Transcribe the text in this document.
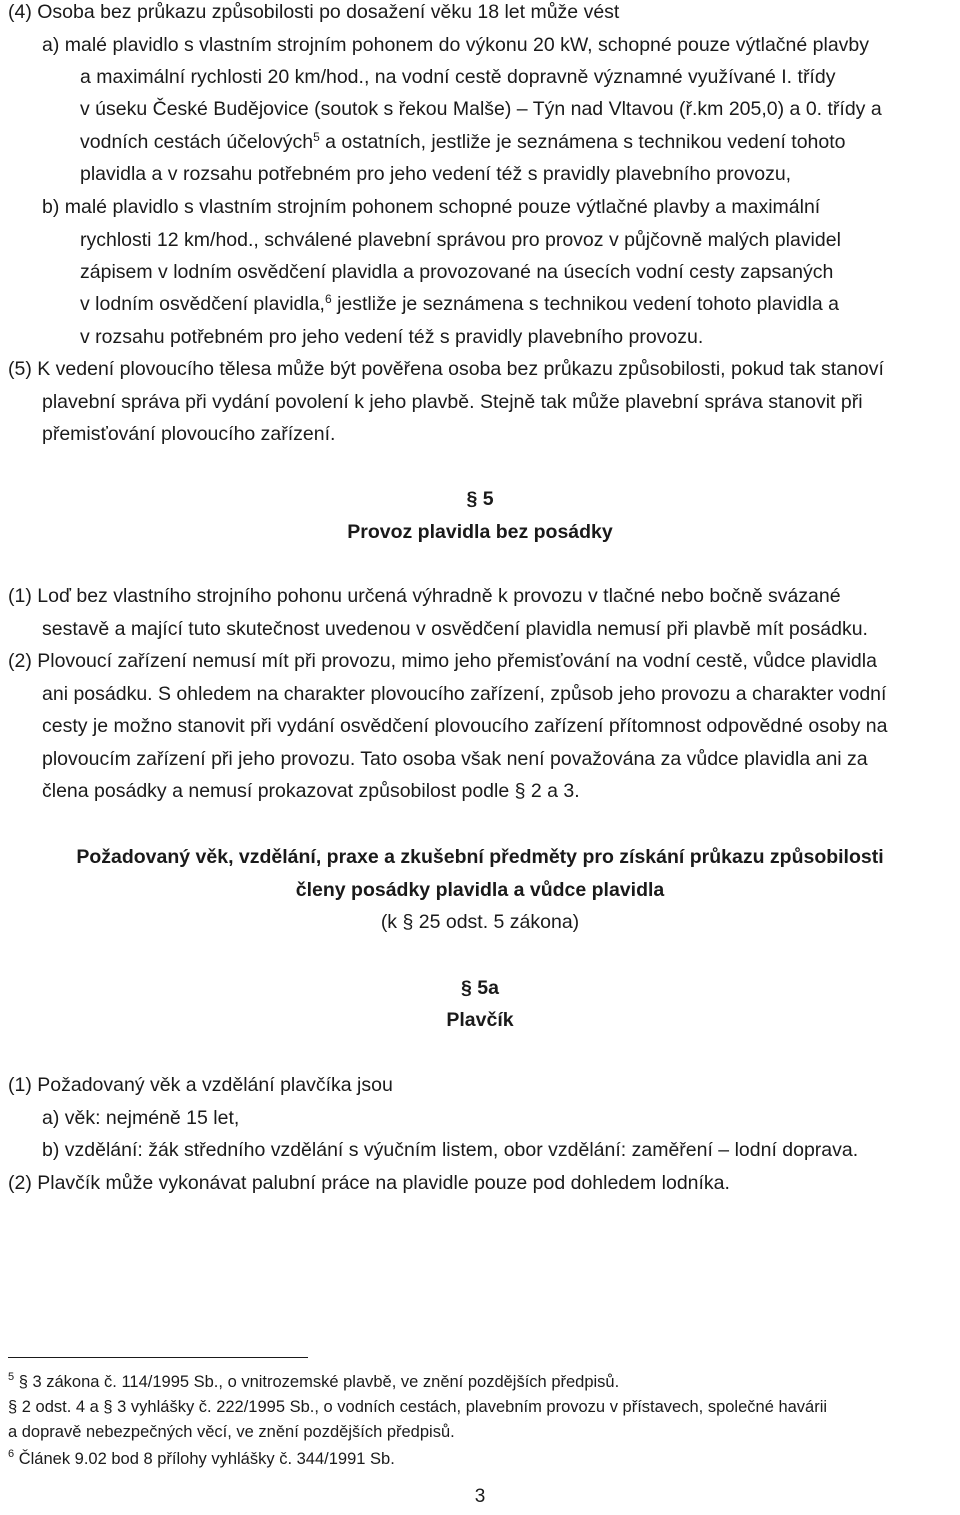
(4) Osoba bez průkazu způsobilosti po dosažení věku 18 let může vést
a) malé plavidlo s vlastním strojním pohonem do výkonu 20 kW, schopné pouze výtlačné plavby
a maximální rychlosti 20 km/hod., na vodní cestě dopravně významné využívané I. třídy
v úseku České Budějovice (soutok s řekou Malše) – Týn nad Vltavou (ř.km 205,0) a 0. třídy a
vodních cestách účelových$^5$ a ostatních, jestliže je seznámena s technikou vedení tohoto
plavidla a v rozsahu potřebném pro jeho vedení též s pravidly plavebního provozu,
b) malé plavidlo s vlastním strojním pohonem schopné pouze výtlačné plavby a maximální
rychlosti 12 km/hod., schválené plavební správou pro provoz v půjčovně malých plavidel
zápisem v lodním osvědčení plavidla a provozované na úsecích vodní cesty zapsaných
v lodním osvědčení plavidla,$^6$ jestliže je seznámena s technikou vedení tohoto plavidla a
v rozsahu potřebném pro jeho vedení též s pravidly plavebního provozu.
(5) K vedení plovoucího tělesa může být pověřena osoba bez průkazu způsobilosti, pokud tak stanoví
plavební správa při vydání povolení k jeho plavbě. Stejně tak může plavební správa stanovit při
přemisťování plovoucího zařízení.
§ 5
Provoz plavidla bez posádky
(1) Loď bez vlastního strojního pohonu určená výhradně k provozu v tlačné nebo bočně svázané
sestavě a mající tuto skutečnost uvedenou v osvědčení plavidla nemusí při plavbě mít posádku.
(2) Plovoucí zařízení nemusí mít při provozu, mimo jeho přemisťování na vodní cestě, vůdce plavidla
ani posádku. S ohledem na charakter plovoucího zařízení, způsob jeho provozu a charakter vodní
cesty je možno stanovit při vydání osvědčení plovoucího zařízení přítomnost odpovědné osoby na
plovoucím zařízení při jeho provozu. Tato osoba však není považována za vůdce plavidla ani za
člena posádky a nemusí prokazovat způsobilost podle § 2 a 3.
Požadovaný věk, vzdělání, praxe a zkušební předměty pro získání průkazu způsobilosti
členy posádky plavidla a vůdce plavidla
(k § 25 odst. 5 zákona)
§ 5a
Plavčík
(1) Požadovaný věk a vzdělání plavčíka jsou
a) věk: nejméně 15 let,
b) vzdělání: žák středního vzdělání s výučním listem, obor vzdělání: zaměření – lodní doprava.
(2) Plavčík může vykonávat palubní práce na plavidle pouze pod dohledem lodníka.
$^5$ § 3 zákona č. 114/1995 Sb., o vnitrozemské plavbě, ve znění pozdějších předpisů.
§ 2 odst. 4 a § 3 vyhlášky č. 222/1995 Sb., o vodních cestách, plavebním provozu v přístavech, společné havárii
a dopravě nebezpečných věcí, ve znění pozdějších předpisů.
$^6$ Článek 9.02 bod 8 přílohy vyhlášky č. 344/1991 Sb.
3
